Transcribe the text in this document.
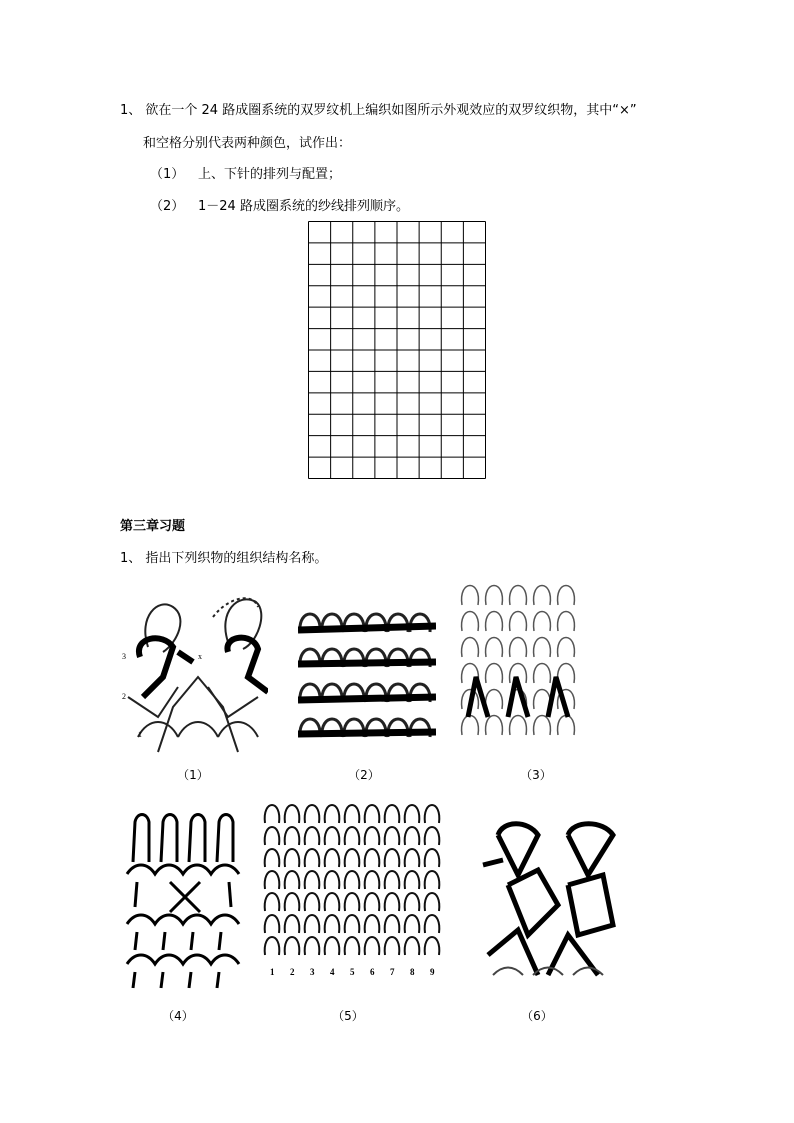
1、 欲在一个 24 路成圈系统的双罗纹机上编织如图所示外观效应的双罗纹织物，其中“×”
和空格分别代表两种颜色，试作出：
（1） 上、下针的排列与配置；
（2） 1－24 路成圈系统的纱线排列顺序。
第三章习题
1、 指出下列织物的组织结构名称。
3
2
1
x
（1）	（2）	（3）
（4）
1 2 3 4 5 6 7 8 9
（5）	（6）
